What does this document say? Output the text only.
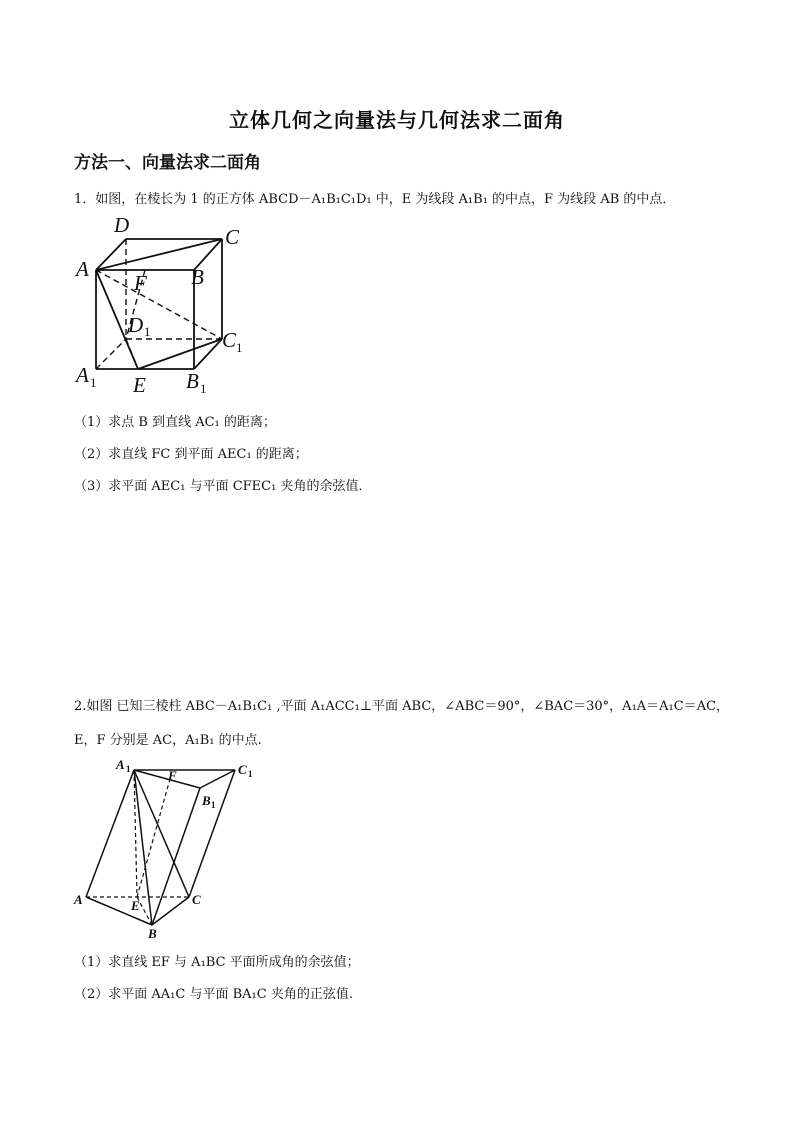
立体几何之向量法与几何法求二面角
方法一、向量法求二面角
1．如图，在棱长为 1 的正方体 ABCD－A₁B₁C₁D₁ 中，E 为线段 A₁B₁ 的中点，F 为线段 AB 的中点．
D	C
A
F B
D 1	C 1
A 1 E B 1
（1）求点 B 到直线 AC₁ 的距离；
（2）求直线 FC 到平面 AEC₁ 的距离；
（3）求平面 AEC₁ 与平面 CFEC₁ 夹角的余弦值．
2.如图 已知三棱柱 ABC－A₁B₁C₁ ,平面 A₁ACC₁⊥平面 ABC，∠ABC＝90°，∠BAC＝30°，A₁A＝A₁C＝AC，
E，F 分别是 AC，A₁B₁ 的中点.
A 1	F	C 1
B 1
A	E	C
B
（1）求直线 EF 与 A₁BC 平面所成角的余弦值；
（2）求平面 AA₁C 与平面 BA₁C 夹角的正弦值.
